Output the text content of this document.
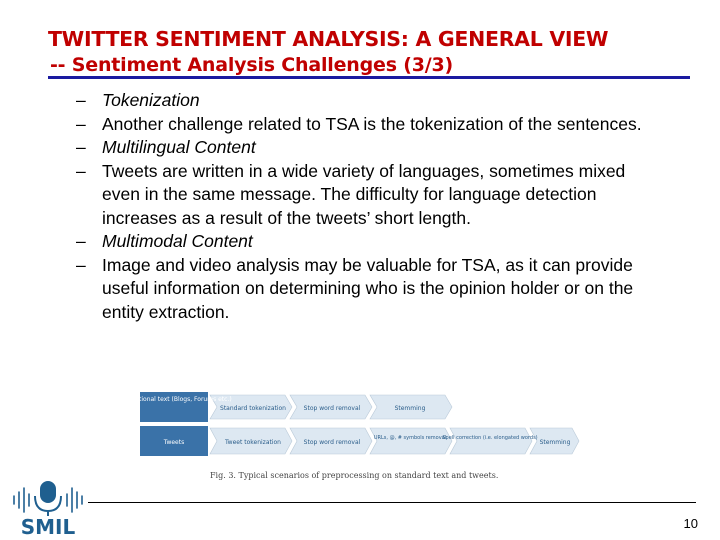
TWITTER SENTIMENT ANALYSIS: A GENERAL VIEW
-- Sentiment Analysis Challenges (3/3)
– Tokenization
– Another challenge related to TSA is the tokenization of the sentences.
– Multilingual Content
– Tweets are written in a wide variety of languages, sometimes mixed even in the same message. The difficulty for language detection increases as a result of the tweets’ short length.
– Multimodal Content
– Image and video analysis may be valuable for TSA, as it can provide useful information on determining who is the opinion holder or on the entity extraction.
Conventional text (Blogs, Forums etc.)
Standard tokenization	Stop word removal	Stemming
Tweets	Tweet tokenization	Stop word removal
URLs, @, # symbols removal
Spell correction (i.e. elongated words)
Stemming
Fig. 3. Typical scenarios of preprocessing on standard text and tweets.
SMIL	10
